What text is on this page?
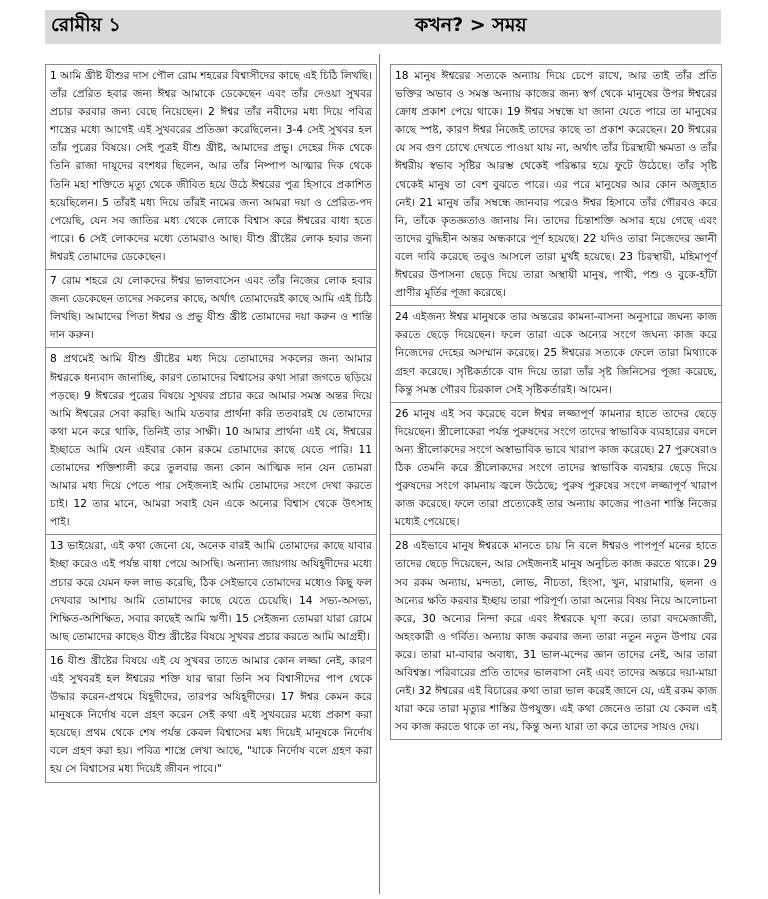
রোমীয় ১	কখন? > সময়

1 আমি খ্রীষ্ট যীশুর দাস পৌল রোম শহরের বিশ্বাসীদের কাছে এই চিঠি লিখছি। তাঁর প্রেরিত হবার জন্য ঈশ্বর আমাকে ডেকেছেন এবং তাঁর দেওয়া সুখবর প্রচার করবার জন্য বেছে নিয়েছেন। 2 ঈশ্বর তাঁর নবীদের মধ্য দিয়ে পবিত্র শাস্ত্রের মধ্যে আগেই এই সুখবরের প্রতিজ্ঞা করেছিলেন। 3-4 সেই সুখবর হল তাঁর পুত্রের বিষয়ে। সেই পুত্রই যীশু খ্রীষ্ট, আমাদের প্রভু। দেহের দিক থেকে তিনি রাজা দায়ূদের বংশধর ছিলেন, আর তাঁর নিষ্পাপ আত্মার দিক থেকে তিনি মহা শক্তিতে মৃত্যু থেকে জীবিত হয়ে উঠে ঈশ্বরের পুত্র হিসাবে প্রকাশিত হয়েছিলেন। 5 তাঁরই মধ্য দিয়ে তাঁরই নামের জন্য আমরা দয়া ও প্রেরিত-পদ পেয়েছি, যেন সব জাতির মধ্য থেকে লোকে বিশ্বাস করে ঈশ্বরের বাধ্য হতে পারে। 6 সেই লোকদের মধ্যে তোমরাও আছ। যীশু খ্রীষ্টের লোক হবার জন্য ঈশ্বরই তোমাদের ডেকেছেন।

7 রোম শহরে যে লোকদের ঈশ্বর ভালবাসেন এবং তাঁর নিজের লোক হবার জন্য ডেকেছেন তাদের সকলের কাছে, অর্থাৎ তোমাদেরই কাছে আমি এই চিঠি লিখছি। আমাদের পিতা ঈশ্বর ও প্রভু যীশু খ্রীষ্ট তোমাদের দয়া করুন ও শান্তি দান করুন।

8 প্রথমেই আমি যীশু খ্রীষ্টের মধ্য দিয়ে তোমাদের সকলের জন্য আমার ঈশ্বরকে ধন্যবাদ জানাচ্ছি, কারণ তোমাদের বিশ্বাসের কথা সারা জগতে ছড়িয়ে পড়ছে। 9 ঈশ্বরের পুত্রের বিষয়ে সুখবর প্রচার করে আমার সমস্ত অন্তর দিয়ে আমি ঈশ্বরের সেবা করছি। আমি যতবার প্রার্থনা করি ততবারই যে তোমাদের কথা মনে করে থাকি, তিনিই তার সাক্ষী। 10 আমার প্রার্থনা এই যে, ঈশ্বরের ইচ্ছাতে আমি যেন এইবার কোন রকমে তোমাদের কাছে যেতে পারি। 11 তোমাদের শক্তিশালী করে তুলবার জন্য কোন আত্মিক দান যেন তোমরা আমার মধ্য দিয়ে পেতে পার সেইজন্যই আমি তোমাদের সংগে দেখা করতে চাই। 12 তার মানে, আমরা সবাই যেন একে অন্যের বিশ্বাস থেকে উৎসাহ পাই।

13 ভাইয়েরা, এই কথা জেনো যে, অনেক বারই আমি তোমাদের কাছে যাবার ইচ্ছা করেও এই পর্যন্ত বাধা পেয়ে আসছি। অন্যান্য জায়গায় অযিহূদীদের মধ্যে প্রচার করে যেমন ফল লাভ করেছি, ঠিক সেইভাবে তোমাদের মধ্যেও কিছু ফল দেখবার আশায় আমি তোমাদের কাছে যেতে চেয়েছি। 14 সভ্য-অসভ্য, শিক্ষিত-অশিক্ষিত, সবার কাছেই আমি ঋণী। 15 সেইজন্য তোমরা যারা রোমে আছ তোমাদের কাছেও যীশু খ্রীষ্টের বিষয়ে সুখবর প্রচার করতে আমি আগ্রহী।

16 যীশু খ্রীষ্টের বিষয়ে এই যে সুখবর তাতে আমার কোন লজ্জা নেই, কারণ এই সুখবরই হল ঈশ্বরের শক্তি যার দ্বারা তিনি সব বিশ্বাসীদের পাপ থেকে উদ্ধার করেন-প্রথমে যিহূদীদের, তারপর অযিহূদীদের। 17 ঈশ্বর কেমন করে মানুষকে নির্দোষ বলে গ্রহণ করেন সেই কথা এই সুখবরের মধ্যে প্রকাশ করা হয়েছে। প্রথম থেকে শেষ পর্যন্ত কেবল বিশ্বাসের মধ্য দিয়েই মানুষকে নির্দোষ বলে গ্রহণ করা হয়। পবিত্র শাস্ত্রে লেখা আছে, "যাকে নির্দোষ বলে গ্রহণ করা হয় সে বিশ্বাসের মধ্য দিয়েই জীবন পাবে।"

18 মানুষ ঈশ্বরের সত্যকে অন্যায় দিয়ে চেপে রাখে, আর তাই তাঁর প্রতি ভক্তির অভাব ও সমস্ত অন্যায় কাজের জন্য স্বর্গ থেকে মানুষের উপর ঈশ্বরের ক্রোধ প্রকাশ পেয়ে থাকে। 19 ঈশ্বর সম্বন্ধে যা জানা যেতে পারে তা মানুষের কাছে স্পষ্ট, কারণ ঈশ্বর নিজেই তাদের কাছে তা প্রকাশ করেছেন। 20 ঈশ্বরের যে সব গুণ চোখে দেখতে পাওয়া যায় না, অর্থাৎ তাঁর চিরস্থায়ী ক্ষমতা ও তাঁর ঈশ্বরীয় স্বভাব সৃষ্টির আরম্ভ থেকেই পরিষ্কার হয়ে ফুটে উঠেছে। তাঁর সৃষ্টি থেকেই মানুষ তা বেশ বুঝতে পারে। এর পরে মানুষের আর কোন অজুহাত নেই। 21 মানুষ তাঁর সম্বন্ধে জানবার পরেও ঈশ্বর হিসাবে তাঁর গৌরবও করে নি, তাঁকে কৃতজ্ঞতাও জানায় নি। তাদের চিন্তাশক্তি অসার হয়ে গেছে এবং তাদের বুদ্ধিহীন অন্তর অন্ধকারে পূর্ণ হয়েছে। 22 যদিও তারা নিজেদের জ্ঞানী বলে দাবি করেছে তবুও আসলে তারা মুর্খই হয়েছে। 23 চিরস্থায়ী, মহিমাপূর্ণ ঈশ্বরের উপাসনা ছেড়ে দিয়ে তারা অস্থায়ী মানুষ, পাখী, পশু ও বুকে-হাঁটা প্রাণীর মূর্তির পূজা করেছে।

24 এইজন্য ঈশ্বর মানুষকে তার অন্তরের কামনা-বাসনা অনুসারে জঘন্য কাজ করতে ছেড়ে দিয়েছেন। ফলে তারা একে অন্যের সংগে জঘন্য কাজ করে নিজেদের দেহের অসম্মান করেছে। 25 ঈশ্বরের সত্যকে ফেলে তারা মিথ্যাকে গ্রহণ করেছে। সৃষ্টিকর্তাকে বাদ দিয়ে তারা তাঁর সৃষ্ট জিনিসের পূজা করেছে, কিন্তু সমস্ত গৌরব চিরকাল সেই সৃষ্টিকর্তারই। আমেন।

26 মানুষ এই সব করেছে বলে ঈশ্বর লজ্জাপূর্ণ কামনার হাতে তাদের ছেড়ে দিয়েছেন। স্ত্রীলোকেরা পর্যন্ত পুরুষদের সংগে তাদের স্বাভাবিক ব্যবহারের বদলে অন্য স্ত্রীলোকদের সংগে অস্বাভাবিক ভাবে খারাপ কাজ করেছে। 27 পুরুষেরাও ঠিক তেমনি করে স্ত্রীলোকদের সংগে তাদের স্বাভাবিক ব্যবহার ছেড়ে দিয়ে পুরুষদের সংগে কামনায় জ্বলে উঠেছে; পুরুষ পুরুষের সংগে লজ্জাপূর্ণ খারাপ কাজ করেছে। ফলে তারা প্রত্যেকেই তার অন্যায় কাজের পাওনা শাস্তি নিজের মধ্যেই পেয়েছে।

28 এইভাবে মানুষ ঈশ্বরকে মানতে চায় নি বলে ঈশ্বরও পাপপূর্ণ মনের হাতে তাদের ছেড়ে দিয়েছেন, আর সেইজন্যই মানুষ অনুচিত কাজ করতে থাকে। 29 সব রকম অন্যায়, মন্দতা, লোভ, নীচতা, হিংসা, খুন, মারামারি, ছলনা ও অন্যের ক্ষতি করবার ইচ্ছায় তারা পরিপূর্ণ। তারা অন্যের বিষয় নিয়ে আলোচনা করে, 30 অন্যের নিন্দা করে এবং ঈশ্বরকে ঘৃণা করে। তারা বদমেজাজী, অহংকারী ও গর্বিত। অন্যায় কাজ করবার জন্য তারা নতুন নতুন উপায় বের করে। তারা মা-বাবার অবাধ্য, 31 ভাল-মন্দের জ্ঞান তাদের নেই, আর তারা অবিশ্বস্ত। পরিবারের প্রতি তাদের ভালবাসা নেই এবং তাদের অন্তরে দয়া-মায়া নেই। 32 ঈশ্বরের এই বিচারের কথা তারা ভাল করেই জানে যে, এই রকম কাজ যারা করে তারা মৃত্যুর শাস্তির উপযুক্ত। এই কথা জেনেও তারা যে কেবল এই সব কাজ করতে থাকে তা নয়, কিন্তু অন্য যারা তা করে তাদের সায়ও দেয়।
